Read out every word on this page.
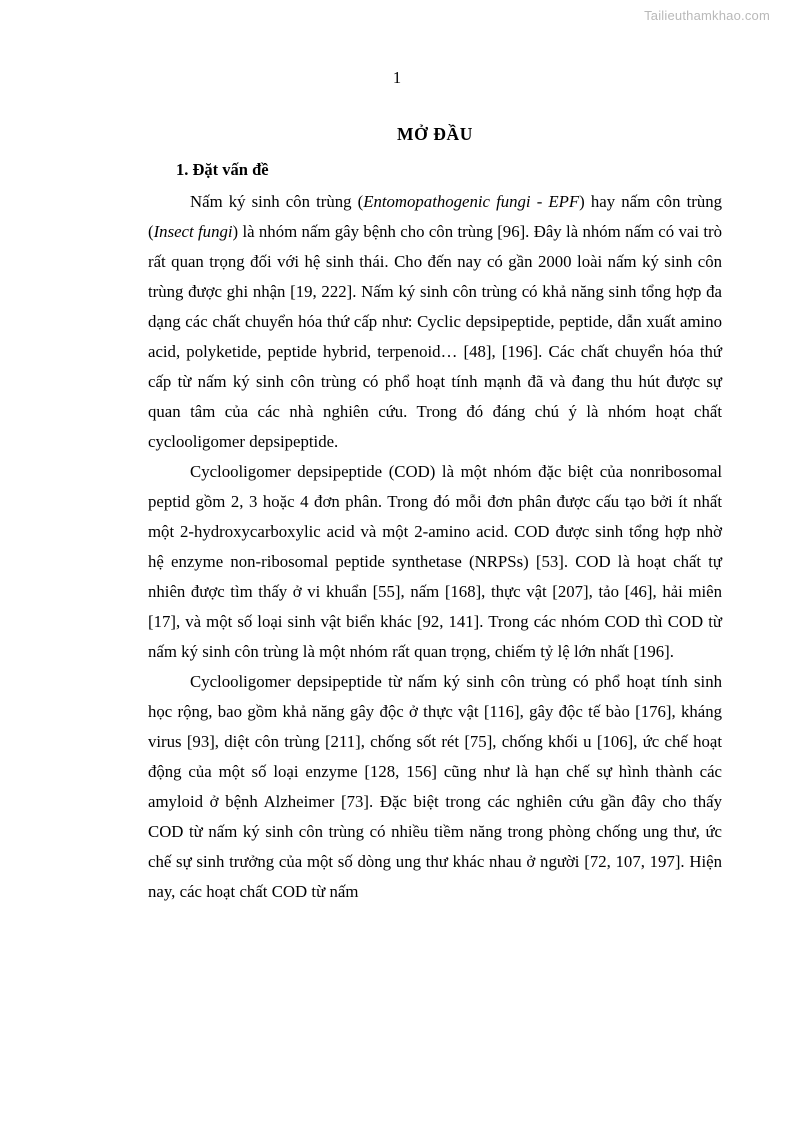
Tailieuthamkhao.com
1
MỞ ĐẦU
1. Đặt vấn đề

Nấm ký sinh côn trùng (Entomopathogenic fungi - EPF) hay nấm côn trùng (Insect fungi) là nhóm nấm gây bệnh cho côn trùng [96]. Đây là nhóm nấm có vai trò rất quan trọng đối với hệ sinh thái. Cho đến nay có gần 2000 loài nấm ký sinh côn trùng được ghi nhận [19, 222]. Nấm ký sinh côn trùng có khả năng sinh tổng hợp đa dạng các chất chuyển hóa thứ cấp như: Cyclic depsipeptide, peptide, dẫn xuất amino acid, polyketide, peptide hybrid, terpenoid… [48], [196]. Các chất chuyển hóa thứ cấp từ nấm ký sinh côn trùng có phổ hoạt tính mạnh đã và đang thu hút được sự quan tâm của các nhà nghiên cứu. Trong đó đáng chú ý là nhóm hoạt chất cyclooligomer depsipeptide.

Cyclooligomer depsipeptide (COD) là một nhóm đặc biệt của nonribosomal peptid gồm 2, 3 hoặc 4 đơn phân. Trong đó mỗi đơn phân được cấu tạo bởi ít nhất một 2-hydroxycarboxylic acid và một 2-amino acid. COD được sinh tổng hợp nhờ hệ enzyme non-ribosomal peptide synthetase (NRPSs) [53]. COD là hoạt chất tự nhiên được tìm thấy ở vi khuẩn [55], nấm [168], thực vật [207], tảo [46], hải miên [17], và một số loại sinh vật biển khác [92, 141]. Trong các nhóm COD thì COD từ nấm ký sinh côn trùng là một nhóm rất quan trọng, chiếm tỷ lệ lớn nhất [196].

Cyclooligomer depsipeptide từ nấm ký sinh côn trùng có phổ hoạt tính sinh học rộng, bao gồm khả năng gây độc ở thực vật [116], gây độc tế bào [176], kháng virus [93], diệt côn trùng [211], chống sốt rét [75], chống khối u [106], ức chế hoạt động của một số loại enzyme [128, 156] cũng như là hạn chế sự hình thành các amyloid ở bệnh Alzheimer [73]. Đặc biệt trong các nghiên cứu gần đây cho thấy COD từ nấm ký sinh côn trùng có nhiều tiềm năng trong phòng chống ung thư, ức chế sự sinh trưởng của một số dòng ung thư khác nhau ở người [72, 107, 197]. Hiện nay, các hoạt chất COD từ nấm
